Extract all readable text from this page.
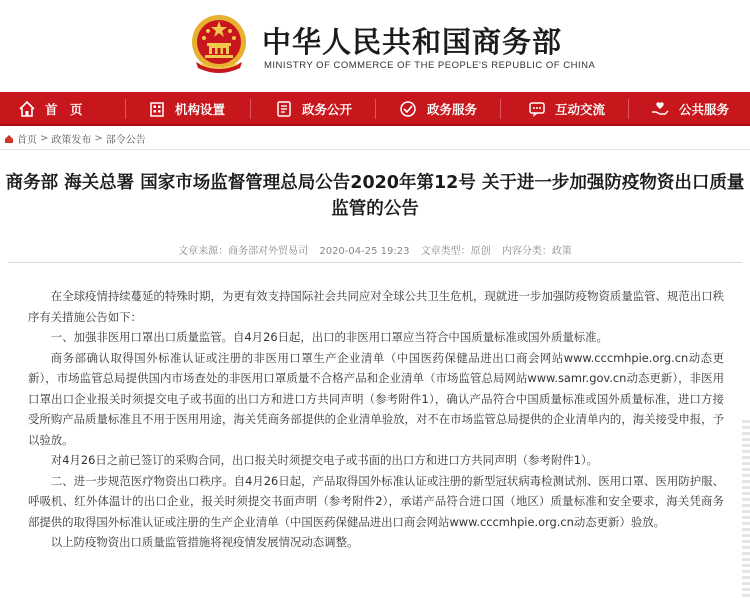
中华人民共和国商务部
MINISTRY OF COMMERCE OF THE PEOPLE'S REPUBLIC OF CHINA
首　页	机构设置	政务公开	政务服务	互动交流	公共服务
首页 > 政策发布 > 部令公告
商务部 海关总署 国家市场监督管理总局公告2020年第12号 关于进一步加强防疫物资出口质量监管的公告
文章来源：商务部对外贸易司 2020-04-25 19:23 文章类型：原创 内容分类：政策

在全球疫情持续蔓延的特殊时期，为更有效支持国际社会共同应对全球公共卫生危机，现就进一步加强防疫物资质量监管、规范出口秩序有关措施公告如下：

一、加强非医用口罩出口质量监管。自4月26日起，出口的非医用口罩应当符合中国质量标准或国外质量标准。

商务部确认取得国外标准认证或注册的非医用口罩生产企业清单（中国医药保健品进出口商会网站www.cccmhpie.org.cn动态更新），市场监管总局提供国内市场查处的非医用口罩质量不合格产品和企业清单（市场监管总局网站www.samr.gov.cn动态更新），非医用口罩出口企业报关时须提交电子或书面的出口方和进口方共同声明（参考附件1），确认产品符合中国质量标准或国外质量标准，进口方接受所购产品质量标准且不用于医用用途，海关凭商务部提供的企业清单验放，对不在市场监管总局提供的企业清单内的，海关接受申报，予以验放。

对4月26日之前已签订的采购合同，出口报关时须提交电子或书面的出口方和进口方共同声明（参考附件1）。

二、进一步规范医疗物资出口秩序。自4月26日起，产品取得国外标准认证或注册的新型冠状病毒检测试剂、医用口罩、医用防护服、呼吸机、红外体温计的出口企业，报关时须提交书面声明（参考附件2），承诺产品符合进口国（地区）质量标准和安全要求，海关凭商务部提供的取得国外标准认证或注册的生产企业清单（中国医药保健品进出口商会网站www.cccmhpie.org.cn动态更新）验放。

以上防疫物资出口质量监管措施将视疫情发展情况动态调整。
